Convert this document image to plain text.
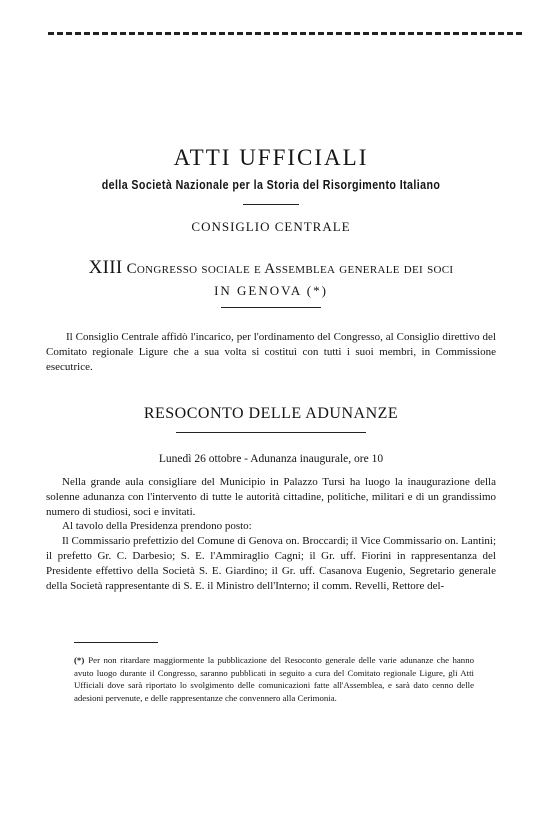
ATTI UFFICIALI
della Società Nazionale per la Storia del Risorgimento Italiano
CONSIGLIO CENTRALE
XIII Congresso sociale e Assemblea generale dei soci
IN GENOVA (*)

Il Consiglio Centrale affidò l'incarico, per l'ordinamento del Congresso, al Consiglio direttivo del Comitato regionale Ligure che a sua volta si costituì con tutti i suoi membri, in Commissione esecutrice.

RESOCONTO DELLE ADUNANZE
Lunedì 26 ottobre - Adunanza inaugurale, ore 10

Nella grande aula consigliare del Municipio in Palazzo Tursi ha luogo la inaugurazione della solenne adunanza con l'intervento di tutte le autorità cittadine, politiche, militari e di un grandissimo numero di studiosi, soci e invitati.

Al tavolo della Presidenza prendono posto:

Il Commissario prefettizio del Comune di Genova on. Broccardi; il Vice Commissario on. Lantini; il prefetto Gr. C. Darbesio; S. E. l'Ammiraglio Cagni; il Gr. uff. Fiorini in rappresentanza del Presidente effettivo della Società S. E. Giardino; il Gr. uff. Casanova Eugenio, Segretario generale della Società rappresentante di S. E. il Ministro dell'Interno; il comm. Revelli, Rettore del-

(*) Per non ritardare maggiormente la pubblicazione del Resoconto generale delle varie adunanze che hanno avuto luogo durante il Congresso, saranno pubblicati in seguito a cura del Comitato regionale Ligure, gli Atti Ufficiali dove sarà riportato lo svolgimento delle comunicazioni fatte all'Assemblea, e sarà dato cenno delle adesioni pervenute, e delle rappresentanze che convennero alla Cerimonia.
